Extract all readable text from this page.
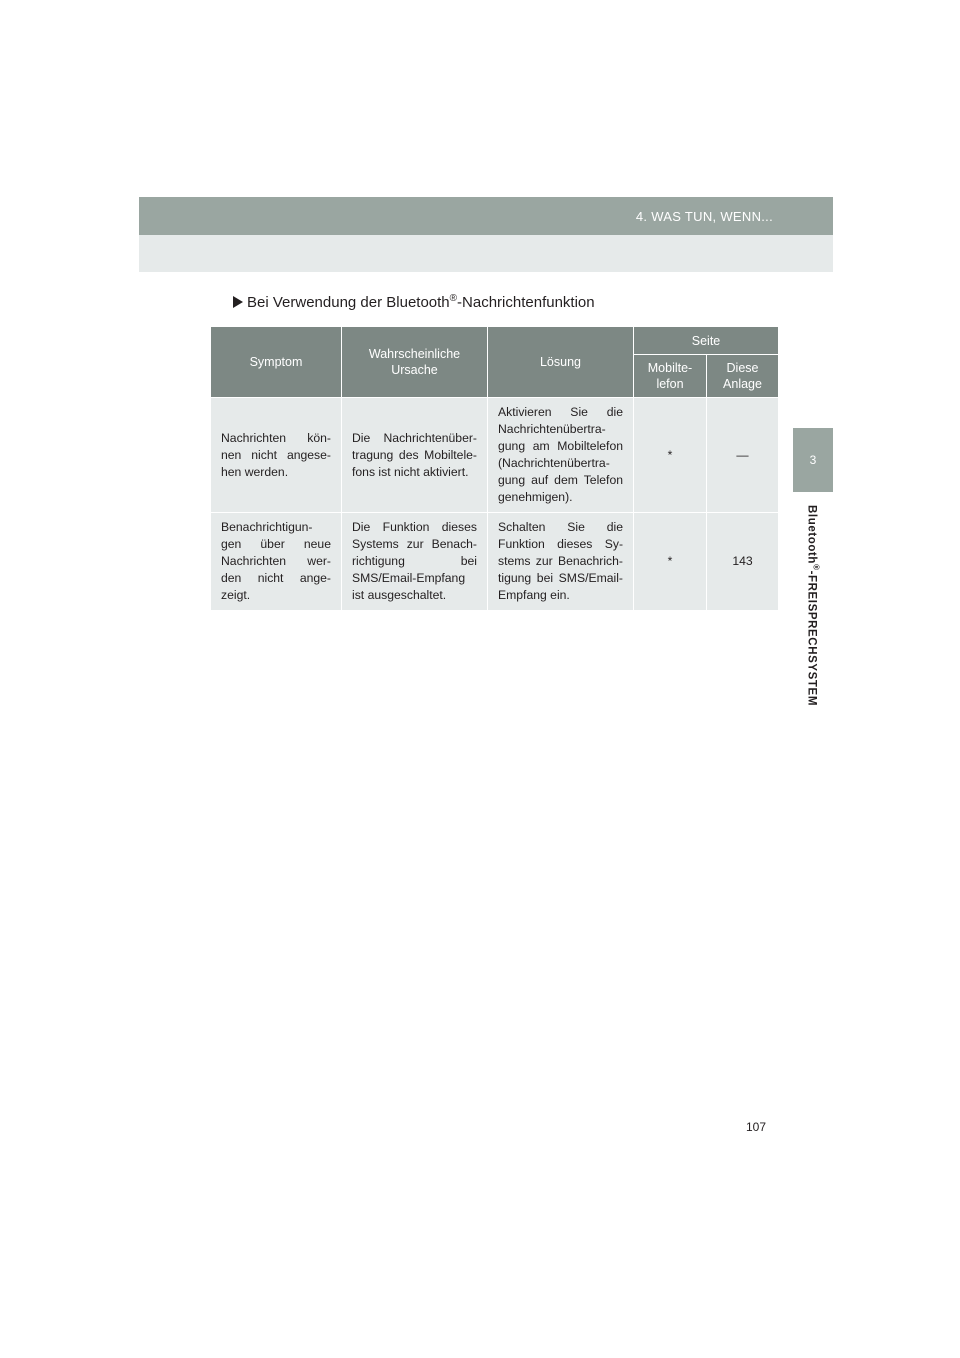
4. WAS TUN, WENN...
3
Bluetooth®-FREISPRECHSYSTEM
Bei Verwendung der Bluetooth®-Nachrichtenfunktion
Symptom	Wahrscheinliche Ursache	Lösung	Seite	
			Mobilte-lefon	Diese Anlage
Nachrichten kön-nen nicht angese-hen werden.	Die Nachrichtenüber-tragung des Mobiltele-fons ist nicht aktiviert.	Aktivieren Sie die Nachrichtenübertra-gung am Mobiltelefon (Nachrichtenübertra-gung auf dem Telefon genehmigen).	*	—
Benachrichtigun-gen über neue Nachrichten wer-den nicht ange-zeigt.	Die Funktion dieses Systems zur Benach-richtigung bei SMS/Email-Empfang ist ausgeschaltet.	Schalten Sie die Funktion dieses Sy-stems zur Benachrich-tigung bei SMS/Email-Empfang ein.	*	143
107
